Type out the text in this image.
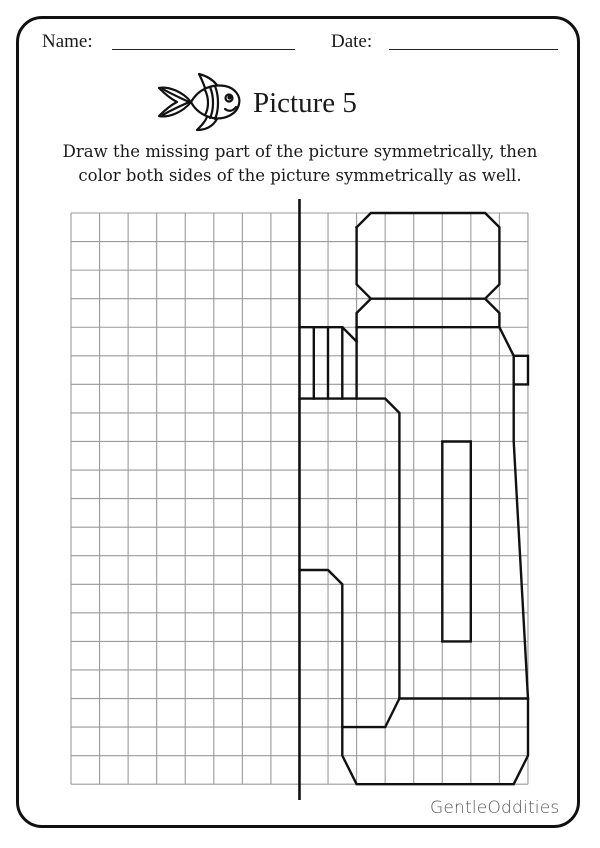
Name:	Date:
Picture 5
Draw the missing part of the picture symmetrically, then
color both sides of the picture symmetrically as well.
GentleOddities
